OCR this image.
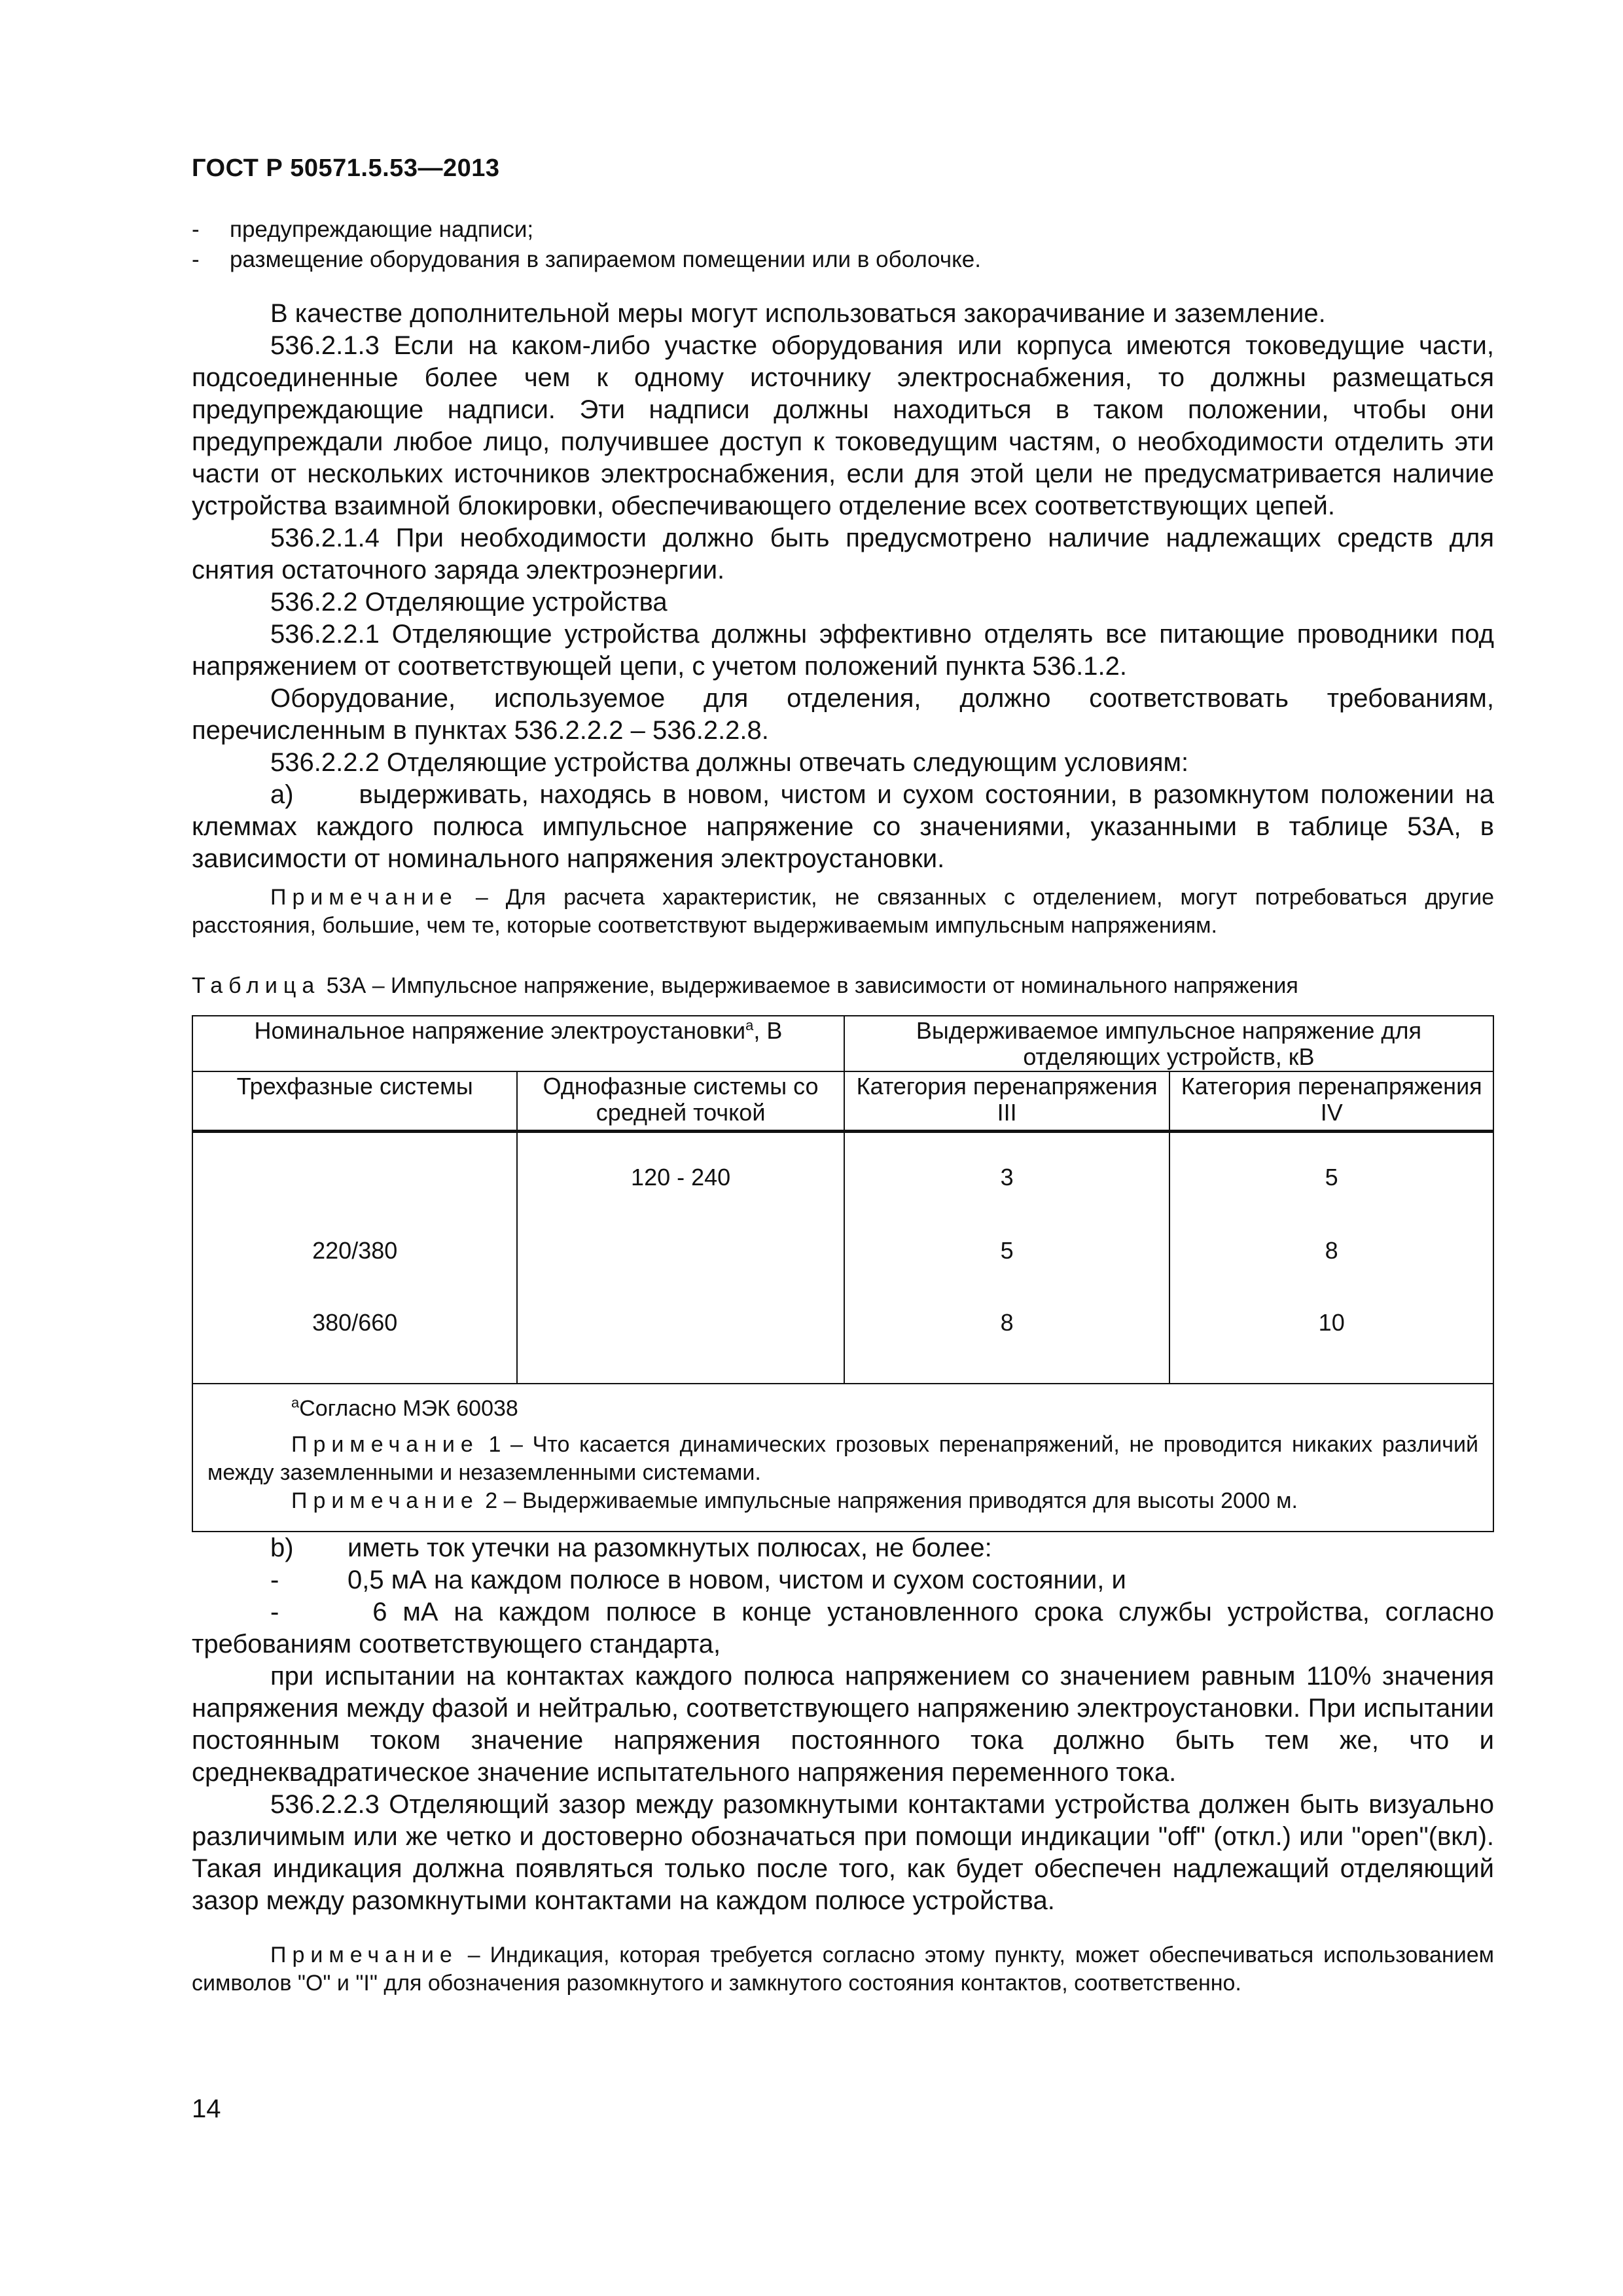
ГОСТ Р 50571.5.53—2013
-	предупреждающие надписи;
-	размещение оборудования в запираемом помещении или в оболочке.

В качестве дополнительной меры могут использоваться закорачивание и заземление.

536.2.1.3 Если на каком-либо участке оборудования или корпуса имеются токоведущие части, подсоединенные более чем к одному источнику электроснабжения, то должны размещаться предупреждающие надписи. Эти надписи должны находиться в таком положении, чтобы они предупреждали любое лицо, получившее доступ к токоведущим частям, о необходимости отделить эти части от нескольких источников электроснабжения, если для этой цели не предусматривается наличие устройства взаимной блокировки, обеспечивающего отделение всех соответствующих цепей.

536.2.1.4 При необходимости должно быть предусмотрено наличие надлежащих средств для снятия остаточного заряда электроэнергии.

536.2.2 Отделяющие устройства

536.2.2.1 Отделяющие устройства должны эффективно отделять все питающие проводники под напряжением от соответствующей цепи, с учетом положений пункта 536.1.2.

Оборудование, используемое для отделения, должно соответствовать требованиям, перечисленным в пунктах 536.2.2.2 – 536.2.2.8.

536.2.2.2 Отделяющие устройства должны отвечать следующим условиям:

а)      выдерживать, находясь в новом, чистом и сухом состоянии, в разомкнутом положении на клеммах каждого полюса импульсное напряжение со значениями, указанными в таблице 53А, в зависимости от номинального напряжения электроустановки.

Примечание – Для расчета характеристик, не связанных с отделением, могут потребоваться другие расстояния, большие, чем те, которые соответствуют выдерживаемым импульсным напряжениям.

Таблица 53А – Импульсное напряжение, выдерживаемое в зависимости от номинального напряжения
Номинальное напряжение электроустановки$^а$, В		Выдерживаемое импульсное напряжение для отделяющих устройств, кВ	
Трехфазные системы	Однофазные системы со средней точкой	Категория перенапряжения III	Категория перенапряжения IV
	120 - 240	3	5
220/380		5	8
380/660		8	10

$^а$Согласно МЭК 60038

Примечание 1 – Что касается динамических грозовых перенапряжений, не проводится никаких различий между заземленными и незаземленными системами.

Примечание 2 – Выдерживаемые импульсные напряжения приводятся для высоты 2000 м.			

b)	иметь ток утечки на разомкнутых полюсах, не более:

-	0,5 мА на каждом полюсе в новом, чистом и сухом состоянии, и

-      6 мА на каждом полюсе в конце установленного срока службы устройства, согласно требованиям соответствующего стандарта,

при испытании на контактах каждого полюса напряжением со значением равным 110% значения напряжения между фазой и нейтралью, соответствующего напряжению электроустановки. При испытании постоянным током значение напряжения постоянного тока должно быть тем же, что и среднеквадратическое значение испытательного напряжения переменного тока.

536.2.2.3 Отделяющий зазор между разомкнутыми контактами устройства должен быть визуально различимым или же четко и достоверно обозначаться при помощи индикации "off" (откл.) или "open"(вкл). Такая индикация должна появляться только после того, как будет обеспечен надлежащий отделяющий зазор между разомкнутыми контактами на каждом полюсе устройства.

Примечание – Индикация, которая требуется согласно этому пункту, может обеспечиваться использованием символов "О" и "I" для обозначения разомкнутого и замкнутого состояния контактов, соответственно.

14
